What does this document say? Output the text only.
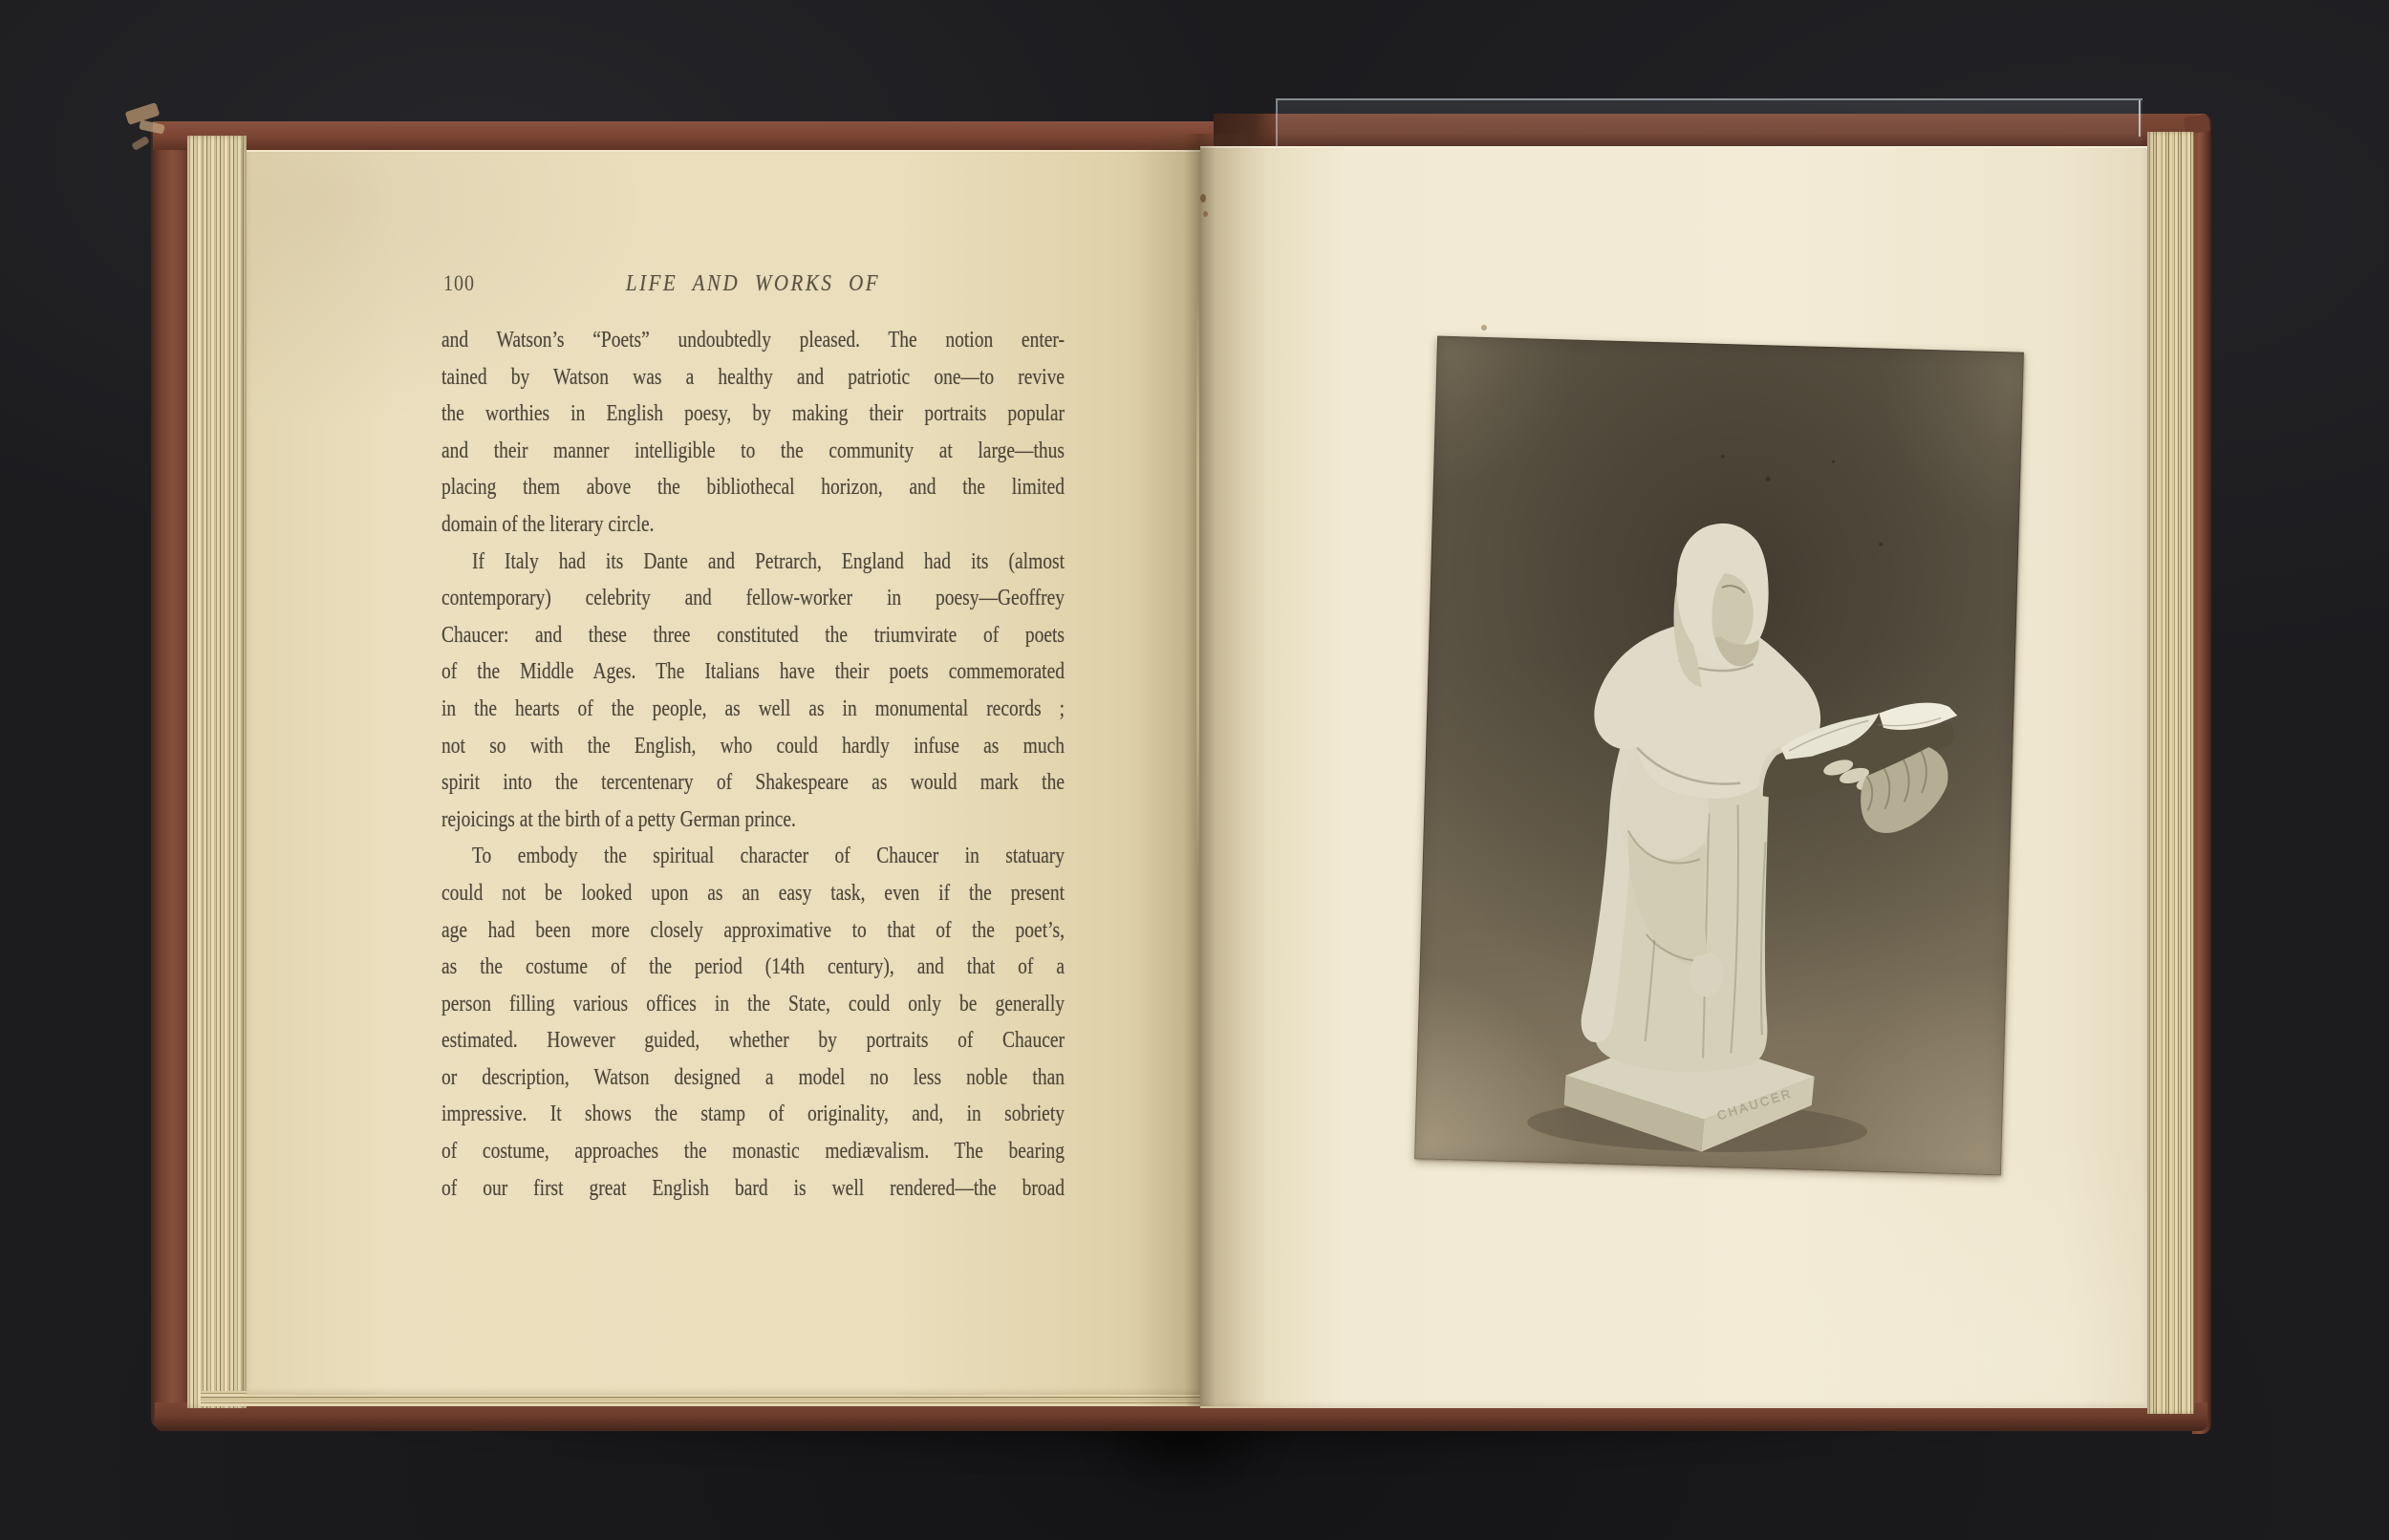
100	LIFE AND WORKS OF
and Watson’s “Poets” undoubtedly pleased. The notion enter-
tained by Watson was a healthy and patriotic one—to revive
the worthies in English poesy, by making their portraits popular
and their manner intelligible to the community at large—thus
placing them above the bibliothecal horizon, and the limited
domain of the literary circle.
If Italy had its Dante and Petrarch, England had its (almost
contemporary) celebrity and fellow-worker in poesy—Geoffrey
Chaucer: and these three constituted the triumvirate of poets
of the Middle Ages. The Italians have their poets commemorated
in the hearts of the people, as well as in monumental records ;
not so with the English, who could hardly infuse as much
spirit into the tercentenary of Shakespeare as would mark the
rejoicings at the birth of a petty German prince.
To embody the spiritual character of Chaucer in statuary
could not be looked upon as an easy task, even if the present
age had been more closely approximative to that of the poet’s,
as the costume of the period (14th century), and that of a
person filling various offices in the State, could only be generally
estimated. However guided, whether by portraits of Chaucer
or description, Watson designed a model no less noble than
impressive. It shows the stamp of originality, and, in sobriety
of costume, approaches the monastic mediævalism. The bearing
of our first great English bard is well rendered—the broad
CHAUCER
